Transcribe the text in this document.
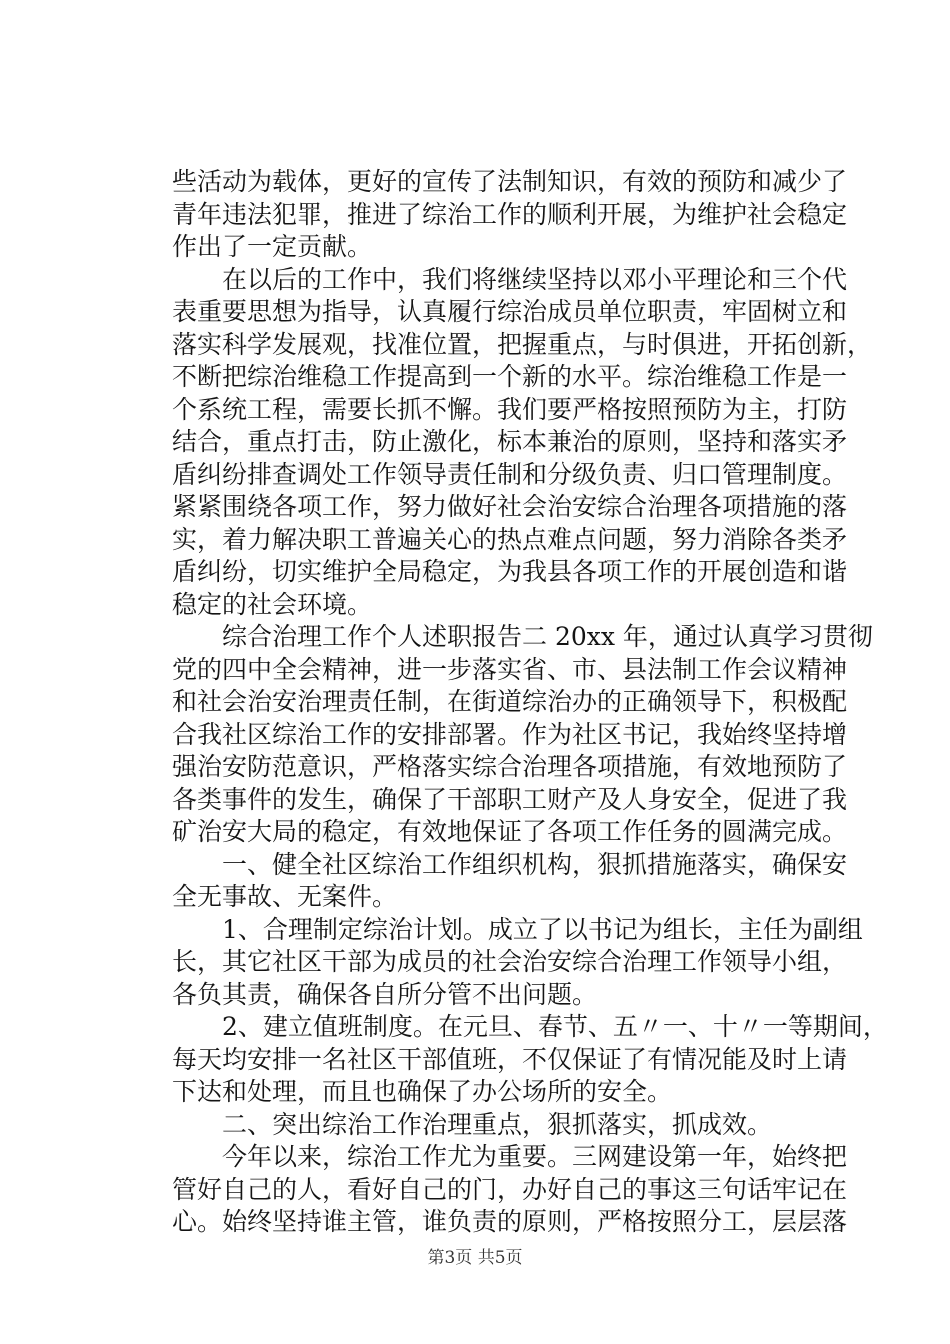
些活动为载体，更好的宣传了法制知识，有效的预防和减少了
青年违法犯罪，推进了综治工作的顺利开展，为维护社会稳定
作出了一定贡献。
在以后的工作中，我们将继续坚持以邓小平理论和三个代
表重要思想为指导，认真履行综治成员单位职责，牢固树立和
落实科学发展观，找准位置，把握重点，与时俱进，开拓创新，
不断把综治维稳工作提高到一个新的水平。综治维稳工作是一
个系统工程，需要长抓不懈。我们要严格按照预防为主，打防
结合，重点打击，防止激化，标本兼治的原则，坚持和落实矛
盾纠纷排查调处工作领导责任制和分级负责、归口管理制度。
紧紧围绕各项工作，努力做好社会治安综合治理各项措施的落
实，着力解决职工普遍关心的热点难点问题，努力消除各类矛
盾纠纷，切实维护全局稳定，为我县各项工作的开展创造和谐
稳定的社会环境。
综合治理工作个人述职报告二 20xx 年，通过认真学习贯彻
党的四中全会精神，进一步落实省、市、县法制工作会议精神
和社会治安治理责任制，在街道综治办的正确领导下，积极配
合我社区综治工作的安排部署。作为社区书记，我始终坚持增
强治安防范意识，严格落实综合治理各项措施，有效地预防了
各类事件的发生，确保了干部职工财产及人身安全，促进了我
矿治安大局的稳定，有效地保证了各项工作任务的圆满完成。
一、健全社区综治工作组织机构，狠抓措施落实，确保安
全无事故、无案件。
1、合理制定综治计划。成立了以书记为组长，主任为副组
长，其它社区干部为成员的社会治安综合治理工作领导小组，
各负其责，确保各自所分管不出问题。
2、建立值班制度。在元旦、春节、五〃一、十〃一等期间，
每天均安排一名社区干部值班，不仅保证了有情况能及时上请
下达和处理，而且也确保了办公场所的安全。
二、突出综治工作治理重点，狠抓落实，抓成效。
今年以来，综治工作尤为重要。三网建设第一年，始终把
管好自己的人，看好自己的门，办好自己的事这三句话牢记在
心。始终坚持谁主管，谁负责的原则，严格按照分工，层层落
第3页 共5页
